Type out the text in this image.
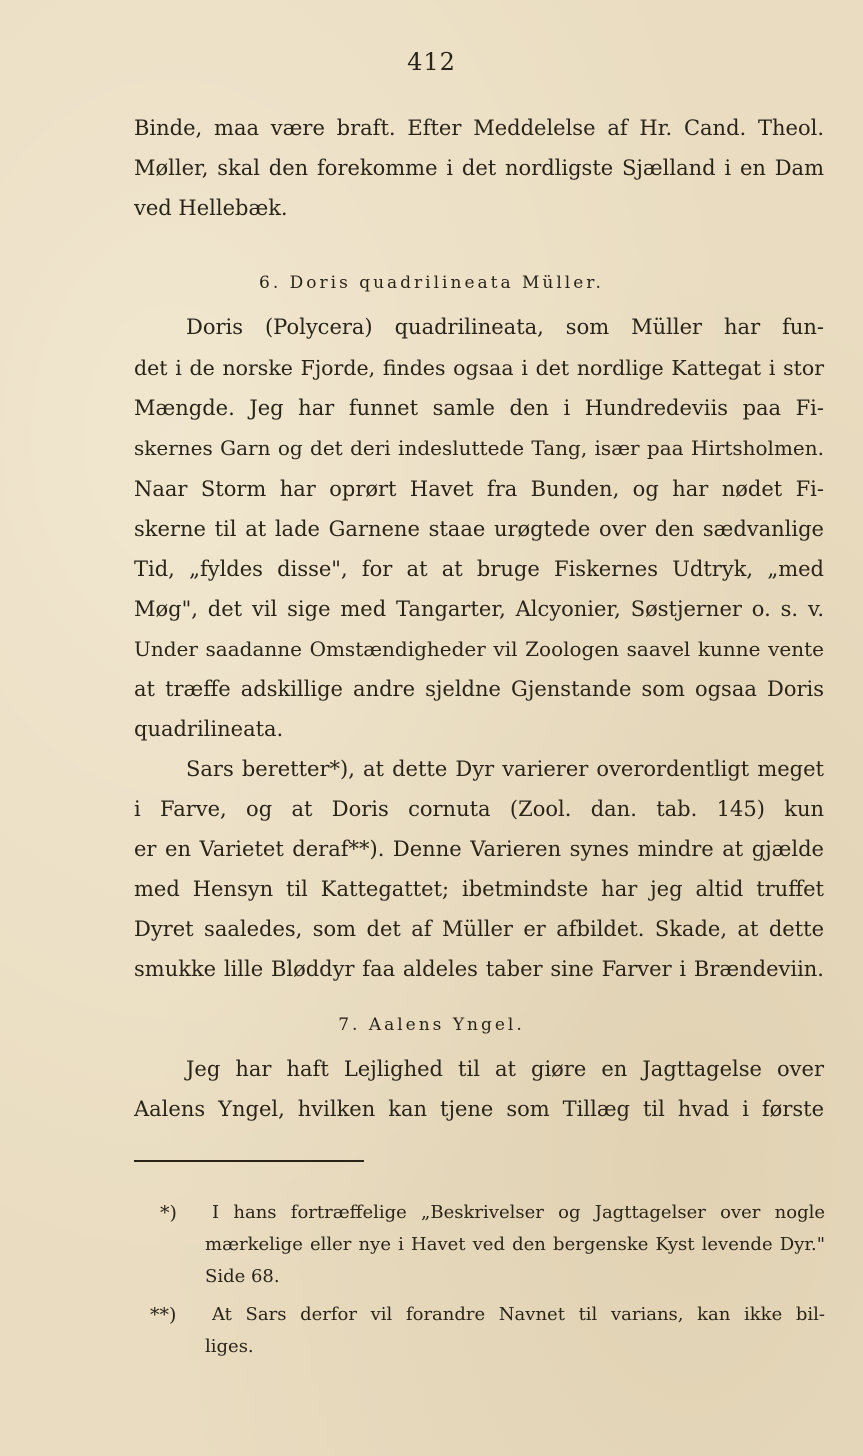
412
Binde, maa være braft. Efter Meddelelse af Hr. Cand. Theol.
Møller, skal den forekomme i det nordligste Sjælland i en Dam
ved Hellebæk.
6. Doris quadrilineata Müller.
Doris (Polycera) quadrilineata, som Müller har fun-
det i de norske Fjorde, findes ogsaa i det nordlige Kattegat i stor
Mængde. Jeg har funnet samle den i Hundredeviis paa Fi-
skernes Garn og det deri indesluttede Tang, især paa Hirtsholmen.
Naar Storm har oprørt Havet fra Bunden, og har nødet Fi-
skerne til at lade Garnene staae urøgtede over den sædvanlige
Tid, „fyldes disse", for at at bruge Fiskernes Udtryk, „med
Møg", det vil sige med Tangarter, Alcyonier, Søstjerner o. s. v.
Under saadanne Omstændigheder vil Zoologen saavel kunne vente
at træffe adskillige andre sjeldne Gjenstande som ogsaa Doris
quadrilineata.
Sars beretter*), at dette Dyr varierer overordentligt meget
i Farve, og at Doris cornuta (Zool. dan. tab. 145) kun
er en Varietet deraf**). Denne Varieren synes mindre at gjælde
med Hensyn til Kattegattet; ibetmindste har jeg altid truffet
Dyret saaledes, som det af Müller er afbildet. Skade, at dette
smukke lille Bløddyr faa aldeles taber sine Farver i Brændeviin.
7. Aalens Yngel.
Jeg har haft Lejlighed til at giøre en Jagttagelse over
Aalens Yngel, hvilken kan tjene som Tillæg til hvad i første
*) I hans fortræffelige „Beskrivelser og Jagttagelser over nogle
mærkelige eller nye i Havet ved den bergenske Kyst levende Dyr."
Side 68.
**) At Sars derfor vil forandre Navnet til varians, kan ikke bil-
liges.
